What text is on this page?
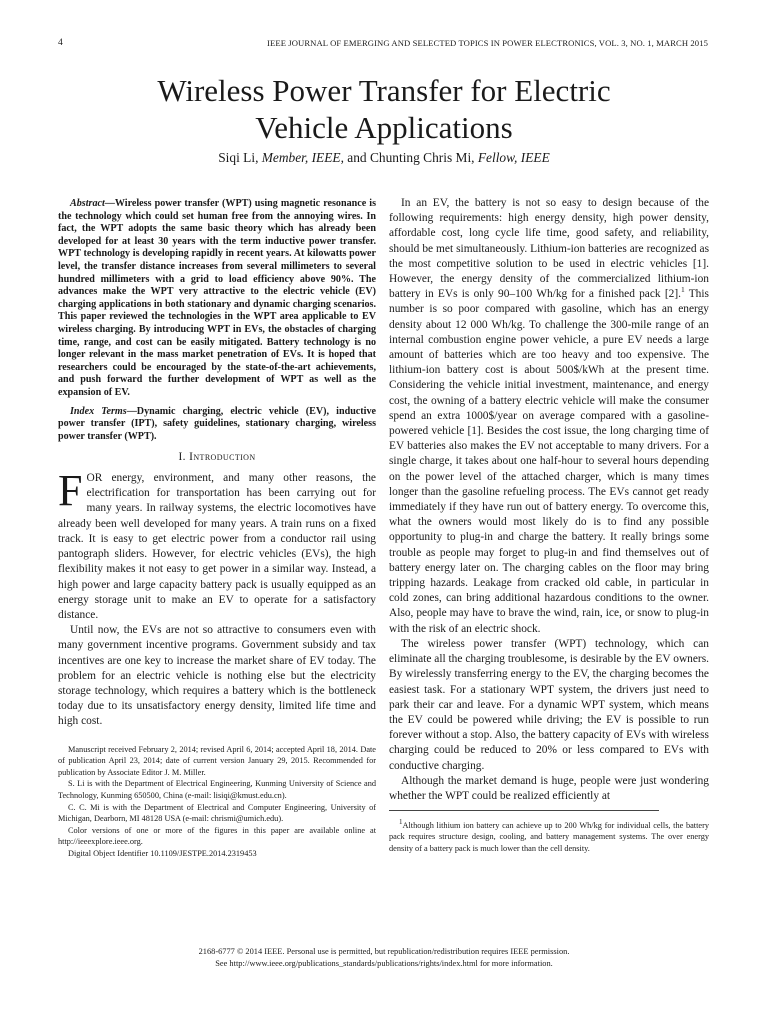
4	IEEE JOURNAL OF EMERGING AND SELECTED TOPICS IN POWER ELECTRONICS, VOL. 3, NO. 1, MARCH 2015
Wireless Power Transfer for Electric
Vehicle Applications

Siqi Li, Member, IEEE, and Chunting Chris Mi, Fellow, IEEE

Abstract—Wireless power transfer (WPT) using magnetic resonance is the technology which could set human free from the annoying wires. In fact, the WPT adopts the same basic theory which has already been developed for at least 30 years with the term inductive power transfer. WPT technology is developing rapidly in recent years. At kilowatts power level, the transfer distance increases from several millimeters to several hundred millimeters with a grid to load efficiency above 90%. The advances make the WPT very attractive to the electric vehicle (EV) charging applications in both stationary and dynamic charging scenarios. This paper reviewed the technologies in the WPT area applicable to EV wireless charging. By introducing WPT in EVs, the obstacles of charging time, range, and cost can be easily mitigated. Battery technology is no longer relevant in the mass market penetration of EVs. It is hoped that researchers could be encouraged by the state-of-the-art achievements, and push forward the further development of WPT as well as the expansion of EV.

Index Terms—Dynamic charging, electric vehicle (EV), inductive power transfer (IPT), safety guidelines, stationary charging, wireless power transfer (WPT).

I. Introduction

FOR energy, environment, and many other reasons, the electrification for transportation has been carrying out for many years. In railway systems, the electric locomotives have already been well developed for many years. A train runs on a fixed track. It is easy to get electric power from a conductor rail using pantograph sliders. However, for electric vehicles (EVs), the high flexibility makes it not easy to get power in a similar way. Instead, a high power and large capacity battery pack is usually equipped as an energy storage unit to make an EV to operate for a satisfactory distance.

Until now, the EVs are not so attractive to consumers even with many government incentive programs. Government subsidy and tax incentives are one key to increase the market share of EV today. The problem for an electric vehicle is nothing else but the electricity storage technology, which requires a battery which is the bottleneck today due to its unsatisfactory energy density, limited life time and high cost.

Manuscript received February 2, 2014; revised April 6, 2014; accepted April 18, 2014. Date of publication April 23, 2014; date of current version January 29, 2015. Recommended for publication by Associate Editor J. M. Miller.

S. Li is with the Department of Electrical Engineering, Kunming University of Science and Technology, Kunming 650500, China (e-mail: lisiqi@kmust.edu.cn).

C. C. Mi is with the Department of Electrical and Computer Engineering, University of Michigan, Dearborn, MI 48128 USA (e-mail: chrismi@umich.edu).

Color versions of one or more of the figures in this paper are available online at http://ieeexplore.ieee.org.

Digital Object Identifier 10.1109/JESTPE.2014.2319453

In an EV, the battery is not so easy to design because of the following requirements: high energy density, high power density, affordable cost, long cycle life time, good safety, and reliability, should be met simultaneously. Lithium-ion batteries are recognized as the most competitive solution to be used in electric vehicles [1]. However, the energy density of the commercialized lithium-ion battery in EVs is only 90–100 Wh/kg for a finished pack [2].$^1$ This number is so poor compared with gasoline, which has an energy density about 12 000 Wh/kg. To challenge the 300-mile range of an internal combustion engine power vehicle, a pure EV needs a large amount of batteries which are too heavy and too expensive. The lithium-ion battery cost is about 500$/kWh at the present time. Considering the vehicle initial investment, maintenance, and energy cost, the owning of a battery electric vehicle will make the consumer spend an extra 1000$/year on average compared with a gasoline-powered vehicle [1]. Besides the cost issue, the long charging time of EV batteries also makes the EV not acceptable to many drivers. For a single charge, it takes about one half-hour to several hours depending on the power level of the attached charger, which is many times longer than the gasoline refueling process. The EVs cannot get ready immediately if they have run out of battery energy. To overcome this, what the owners would most likely do is to find any possible opportunity to plug-in and charge the battery. It really brings some trouble as people may forget to plug-in and find themselves out of battery energy later on. The charging cables on the floor may bring tripping hazards. Leakage from cracked old cable, in particular in cold zones, can bring additional hazardous conditions to the owner. Also, people may have to brave the wind, rain, ice, or snow to plug-in with the risk of an electric shock.

The wireless power transfer (WPT) technology, which can eliminate all the charging troublesome, is desirable by the EV owners. By wirelessly transferring energy to the EV, the charging becomes the easiest task. For a stationary WPT system, the drivers just need to park their car and leave. For a dynamic WPT system, which means the EV could be powered while driving; the EV is possible to run forever without a stop. Also, the battery capacity of EVs with wireless charging could be reduced to 20% or less compared to EVs with conductive charging.

Although the market demand is huge, people were just wondering whether the WPT could be realized efficiently at

$^1$Although lithium ion battery can achieve up to 200 Wh/kg for individual cells, the battery pack requires structure design, cooling, and battery management systems. The over energy density of a battery pack is much lower than the cell density.

2168-6777 © 2014 IEEE. Personal use is permitted, but republication/redistribution requires IEEE permission.
See http://www.ieee.org/publications_standards/publications/rights/index.html for more information.
